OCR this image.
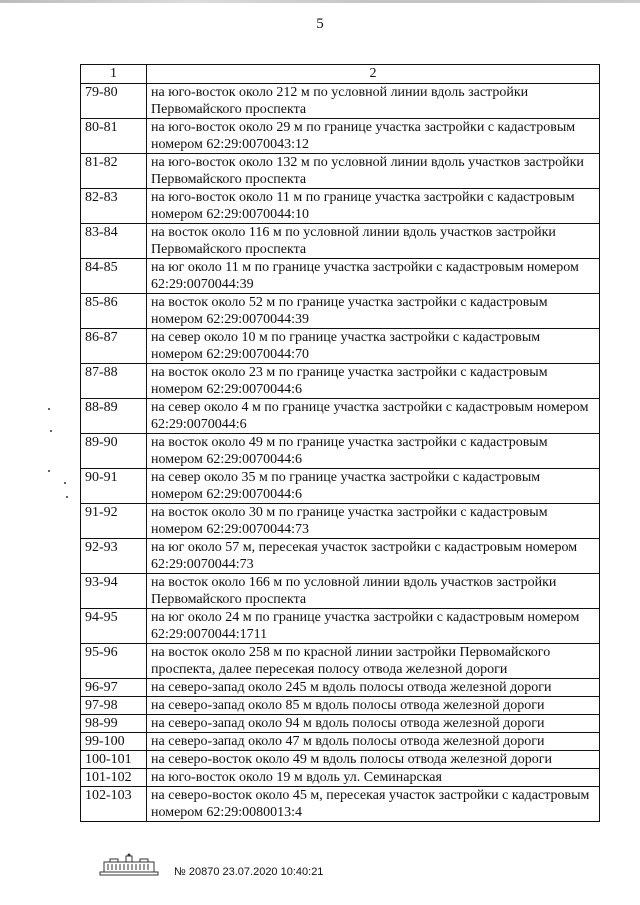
5
1	2
79-80	на юго-восток около 212 м по условной линии вдоль застройки Первомайского проспекта
80-81	на юго-восток около 29 м по границе участка застройки с кадастровым номером 62:29:0070043:12
81-82	на юго-восток около 132 м по условной линии вдоль участков застройки Первомайского проспекта
82-83	на юго-восток около 11 м по границе участка застройки с кадастровым номером 62:29:0070044:10
83-84	на восток около 116 м по условной линии вдоль участков застройки Первомайского проспекта
84-85	на юг около 11 м по границе участка застройки с кадастровым номером 62:29:0070044:39
85-86	на восток около 52 м по границе участка застройки с кадастровым номером 62:29:0070044:39
86-87	на север около 10 м по границе участка застройки с кадастровым номером 62:29:0070044:70
87-88	на восток около 23 м по границе участка застройки с кадастровым номером 62:29:0070044:6
88-89	на север около 4 м по границе участка застройки с кадастровым номером 62:29:0070044:6
89-90	на восток около 49 м по границе участка застройки с кадастровым номером 62:29:0070044:6
90-91	на север около 35 м по границе участка застройки с кадастровым номером 62:29:0070044:6
91-92	на восток около 30 м по границе участка застройки с кадастровым номером 62:29:0070044:73
92-93	на юг около 57 м, пересекая участок застройки с кадастровым номером 62:29:0070044:73
93-94	на восток около 166 м по условной линии вдоль участков застройки Первомайского проспекта
94-95	на юг около 24 м по границе участка застройки с кадастровым номером 62:29:0070044:1711
95-96	на восток около 258 м по красной линии застройки Первомайского проспекта, далее пересекая полосу отвода железной дороги
96-97	на северо-запад около 245 м вдоль полосы отвода железной дороги
97-98	на северо-запад около 85 м вдоль полосы отвода железной дороги
98-99	на северо-запад около 94 м вдоль полосы отвода железной дороги
99-100	на северо-запад около 47 м вдоль полосы отвода железной дороги
100-101	на северо-восток около 49 м вдоль полосы отвода железной дороги
101-102	на юго-восток около 19 м вдоль ул. Семинарская
102-103	на северо-восток около 45 м, пересекая участок застройки с кадастровым номером 62:29:0080013:4
№ 20870 23.07.2020 10:40:21
